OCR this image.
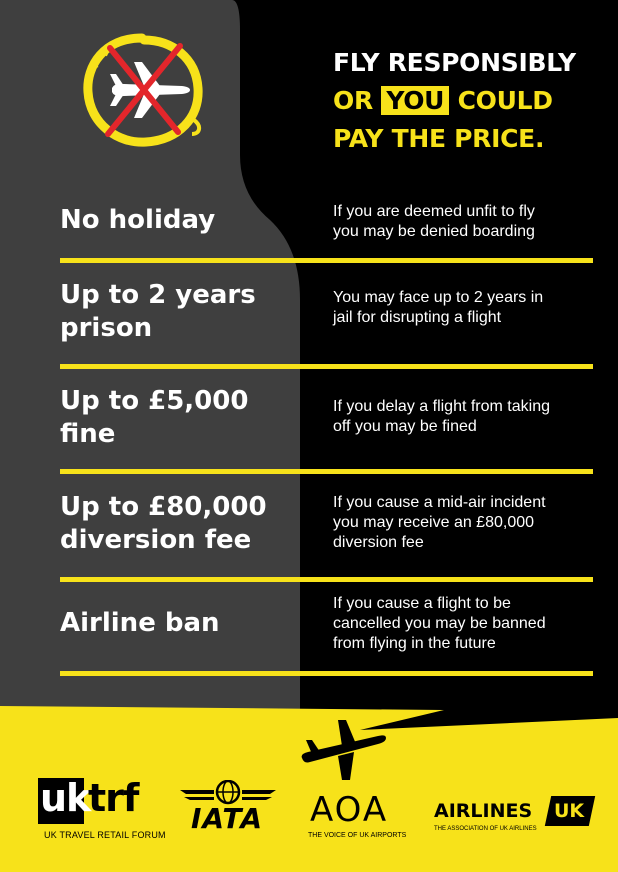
FLY RESPONSIBLY
OR YOU COULD
PAY THE PRICE.
No holiday	If you are deemed unfit to fly
you may be denied boarding
Up to 2 years
prison
You may face up to 2 years in
jail for disrupting a flight
Up to £5,000
fine
If you delay a flight from taking
off you may be fined
Up to £80,000
diversion fee
If you cause a mid-air incident
you may receive an £80,000
diversion fee
Airline ban
If you cause a flight to be
cancelled you may be banned
from flying in the future
uk
trf
UK TRAVEL RETAIL FORUM IATA AOA
THE VOICE OF UK AIRPORTS
AIRLINES UK
THE ASSOCIATION OF UK AIRLINES
